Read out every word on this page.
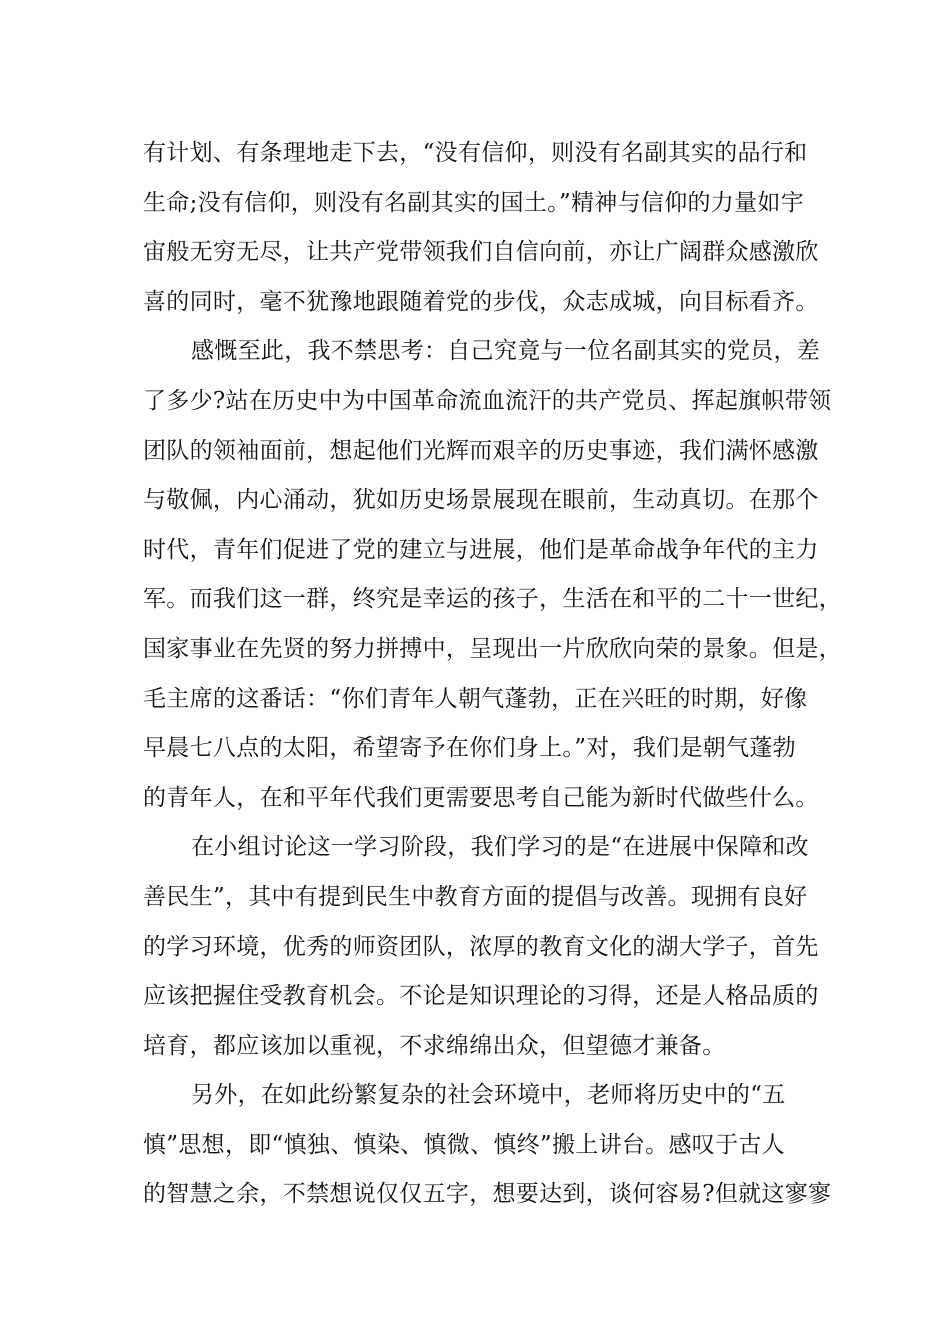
有计划、有条理地走下去，“没有信仰，则没有名副其实的品行和
生命;没有信仰，则没有名副其实的国土。”精神与信仰的力量如宇
宙般无穷无尽，让共产党带领我们自信向前，亦让广阔群众感激欣
喜的同时，毫不犹豫地跟随着党的步伐，众志成城，向目标看齐。
感慨至此，我不禁思考：自己究竟与一位名副其实的党员，差
了多少?站在历史中为中国革命流血流汗的共产党员、挥起旗帜带领
团队的领袖面前，想起他们光辉而艰辛的历史事迹，我们满怀感激
与敬佩，内心涌动，犹如历史场景展现在眼前，生动真切。在那个
时代，青年们促进了党的建立与进展，他们是革命战争年代的主力
军。而我们这一群，终究是幸运的孩子，生活在和平的二十一世纪，
国家事业在先贤的努力拼搏中，呈现出一片欣欣向荣的景象。但是，
毛主席的这番话：“你们青年人朝气蓬勃，正在兴旺的时期，好像
早晨七八点的太阳，希望寄予在你们身上。”对，我们是朝气蓬勃
的青年人，在和平年代我们更需要思考自己能为新时代做些什么。
在小组讨论这一学习阶段，我们学习的是“在进展中保障和改
善民生”，其中有提到民生中教育方面的提倡与改善。现拥有良好
的学习环境，优秀的师资团队，浓厚的教育文化的湖大学子，首先
应该把握住受教育机会。不论是知识理论的习得，还是人格品质的
培育，都应该加以重视，不求绵绵出众，但望德才兼备。
另外，在如此纷繁复杂的社会环境中，老师将历史中的“五
慎”思想，即“慎独、慎染、慎微、慎终”搬上讲台。感叹于古人
的智慧之余，不禁想说仅仅五字，想要达到，谈何容易?但就这寥寥
